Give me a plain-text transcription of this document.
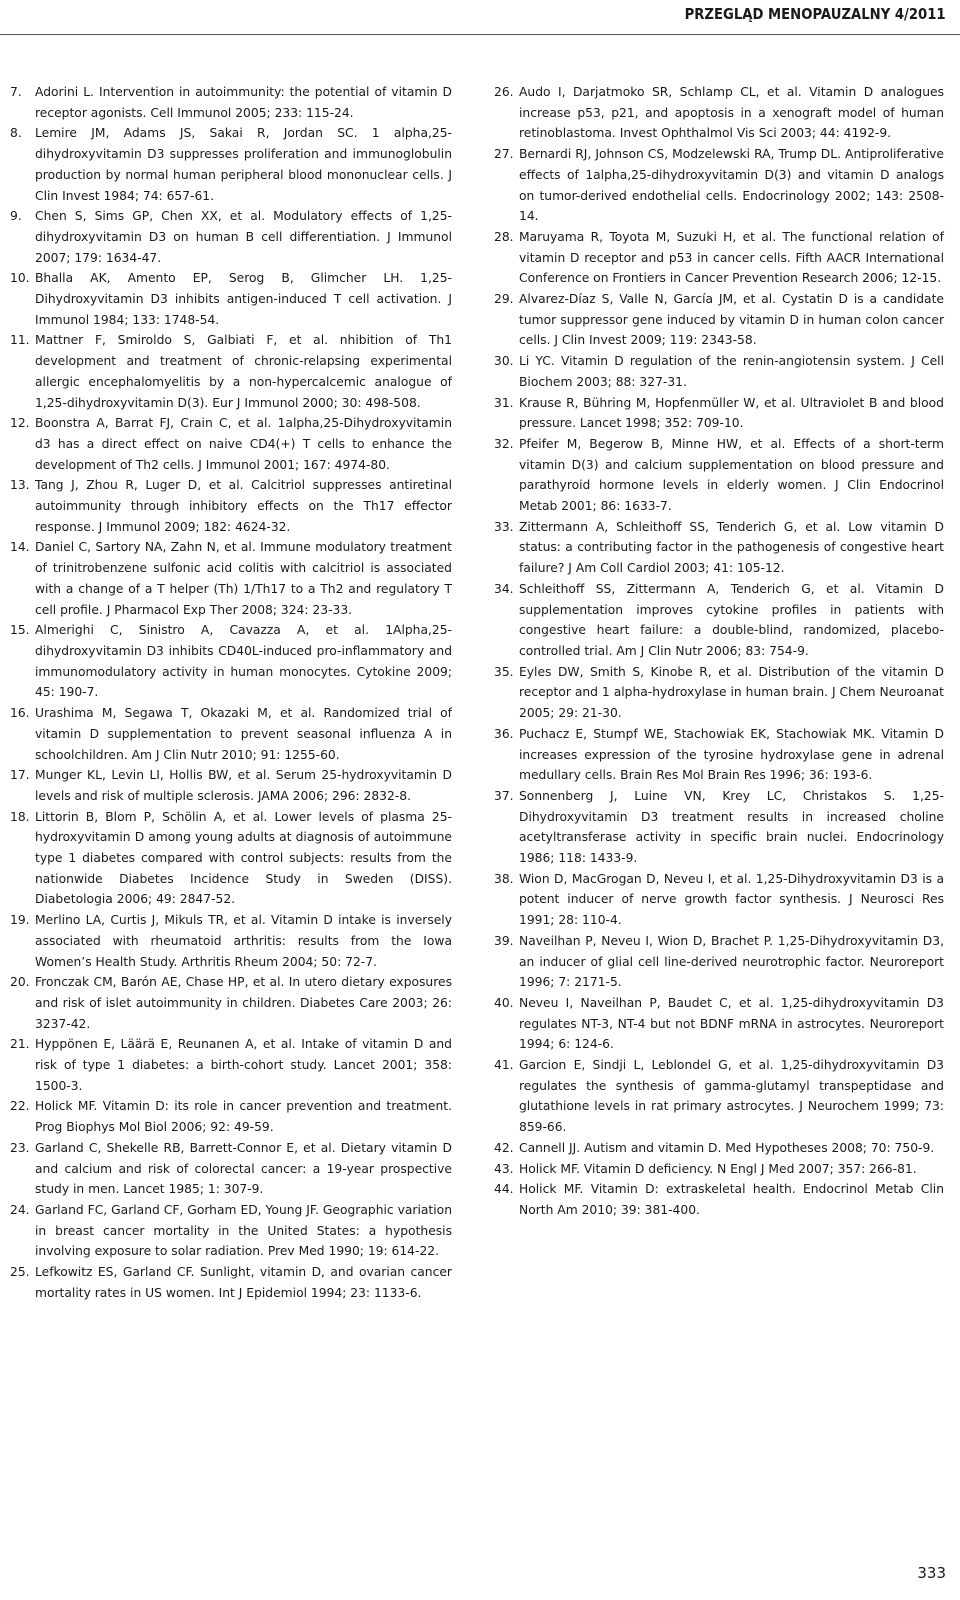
PRZEGLĄD MENOPAUZALNY 4/2011
7.	Adorini L. Intervention in autoimmunity: the potential of vitamin D receptor agonists. Cell Immunol 2005; 233: 115-24.
8.	Lemire JM, Adams JS, Sakai R, Jordan SC. 1 alpha,25-dihydroxyvitamin D3 suppresses proliferation and immunoglobulin production by normal human peripheral blood mononuclear cells. J Clin Invest 1984; 74: 657-61.
9.	Chen S, Sims GP, Chen XX, et al. Modulatory effects of 1,25-dihydroxyvitamin D3 on human B cell differentiation. J Immunol 2007; 179: 1634-47.
10. Bhalla AK, Amento EP, Serog B, Glimcher LH. 1,25-Dihydroxyvitamin D3 inhibits antigen-induced T cell activation. J Immunol 1984; 133: 1748-54.
11. Mattner F, Smiroldo S, Galbiati F, et al. nhibition of Th1 development and treatment of chronic-relapsing experimental allergic encephalomyelitis by a non-hypercalcemic analogue of 1,25-dihydroxyvitamin D(3). Eur J Immunol 2000; 30: 498-508.
12. Boonstra A, Barrat FJ, Crain C, et al. 1alpha,25-Dihydroxyvitamin d3 has a direct effect on naive CD4(+) T cells to enhance the development of Th2 cells. J Immunol 2001; 167: 4974-80.
13. Tang J, Zhou R, Luger D, et al. Calcitriol suppresses antiretinal autoimmunity through inhibitory effects on the Th17 effector response. J Immunol 2009; 182: 4624-32.
14. Daniel C, Sartory NA, Zahn N, et al. Immune modulatory treatment of trinitrobenzene sulfonic acid colitis with calcitriol is associated with a change of a T helper (Th) 1/Th17 to a Th2 and regulatory T cell profile. J Pharmacol Exp Ther 2008; 324: 23-33.
15. Almerighi C, Sinistro A, Cavazza A, et al. 1Alpha,25-dihydroxyvitamin D3 inhibits CD40L-induced pro-inflammatory and immunomodulatory activity in human monocytes. Cytokine 2009; 45: 190-7.
16. Urashima M, Segawa T, Okazaki M, et al. Randomized trial of vitamin D supplementation to prevent seasonal influenza A in schoolchildren. Am J Clin Nutr 2010; 91: 1255-60.
17. Munger KL, Levin LI, Hollis BW, et al. Serum 25-hydroxyvitamin D levels and risk of multiple sclerosis. JAMA 2006; 296: 2832-8.
18. Littorin B, Blom P, Schölin A, et al. Lower levels of plasma 25-hydroxyvitamin D among young adults at diagnosis of autoimmune type 1 diabetes compared with control subjects: results from the nationwide Diabetes Incidence Study in Sweden (DISS). Diabetologia 2006; 49: 2847-52.
19. Merlino LA, Curtis J, Mikuls TR, et al. Vitamin D intake is inversely associated with rheumatoid arthritis: results from the Iowa Women’s Health Study. Arthritis Rheum 2004; 50: 72-7.
20. Fronczak CM, Barón AE, Chase HP, et al. In utero dietary exposures and risk of islet autoimmunity in children. Diabetes Care 2003; 26: 3237-42.
21. Hyppönen E, Läärä E, Reunanen A, et al. Intake of vitamin D and risk of type 1 diabetes: a birth-cohort study. Lancet 2001; 358: 1500-3.
22. Holick MF. Vitamin D: its role in cancer prevention and treatment. Prog Biophys Mol Biol 2006; 92: 49-59.
23. Garland C, Shekelle RB, Barrett-Connor E, et al. Dietary vitamin D and calcium and risk of colorectal cancer: a 19-year prospective study in men. Lancet 1985; 1: 307-9.
24. Garland FC, Garland CF, Gorham ED, Young JF. Geographic variation in breast cancer mortality in the United States: a hypothesis involving exposure to solar radiation. Prev Med 1990; 19: 614-22.
25. Lefkowitz ES, Garland CF. Sunlight, vitamin D, and ovarian cancer mortality rates in US women. Int J Epidemiol 1994; 23: 1133-6.
26. Audo I, Darjatmoko SR, Schlamp CL, et al. Vitamin D analogues increase p53, p21, and apoptosis in a xenograft model of human retinoblastoma. Invest Ophthalmol Vis Sci 2003; 44: 4192-9.
27. Bernardi RJ, Johnson CS, Modzelewski RA, Trump DL. Antiproliferative effects of 1alpha,25-dihydroxyvitamin D(3) and vitamin D analogs on tumor-derived endothelial cells. Endocrinology 2002; 143: 2508-14.
28. Maruyama R, Toyota M, Suzuki H, et al. The functional relation of vitamin D receptor and p53 in cancer cells. Fifth AACR International Conference on Frontiers in Cancer Prevention Research 2006; 12-15.
29. Alvarez-Díaz S, Valle N, García JM, et al. Cystatin D is a candidate tumor suppressor gene induced by vitamin D in human colon cancer cells. J Clin Invest 2009; 119: 2343-58.
30. Li YC. Vitamin D regulation of the renin-angiotensin system. J Cell Biochem 2003; 88: 327-31.
31. Krause R, Bühring M, Hopfenmüller W, et al. Ultraviolet B and blood pressure. Lancet 1998; 352: 709-10.
32. Pfeifer M, Begerow B, Minne HW, et al. Effects of a short-term vitamin D(3) and calcium supplementation on blood pressure and parathyroid hormone levels in elderly women. J Clin Endocrinol Metab 2001; 86: 1633-7.
33. Zittermann A, Schleithoff SS, Tenderich G, et al. Low vitamin D status: a contributing factor in the pathogenesis of congestive heart failure? J Am Coll Cardiol 2003; 41: 105-12.
34. Schleithoff SS, Zittermann A, Tenderich G, et al. Vitamin D supplementation improves cytokine profiles in patients with congestive heart failure: a double-blind, randomized, placebo-controlled trial. Am J Clin Nutr 2006; 83: 754-9.
35. Eyles DW, Smith S, Kinobe R, et al. Distribution of the vitamin D receptor and 1 alpha-hydroxylase in human brain. J Chem Neuroanat 2005; 29: 21-30.
36. Puchacz E, Stumpf WE, Stachowiak EK, Stachowiak MK. Vitamin D increases expression of the tyrosine hydroxylase gene in adrenal medullary cells. Brain Res Mol Brain Res 1996; 36: 193-6.
37. Sonnenberg J, Luine VN, Krey LC, Christakos S. 1,25-Dihydroxyvitamin D3 treatment results in increased choline acetyltransferase activity in specific brain nuclei. Endocrinology 1986; 118: 1433-9.
38. Wion D, MacGrogan D, Neveu I, et al. 1,25-Dihydroxyvitamin D3 is a potent inducer of nerve growth factor synthesis. J Neurosci Res 1991; 28: 110-4.
39. Naveilhan P, Neveu I, Wion D, Brachet P. 1,25-Dihydroxyvitamin D3, an inducer of glial cell line-derived neurotrophic factor. Neuroreport 1996; 7: 2171-5.
40. Neveu I, Naveilhan P, Baudet C, et al. 1,25-dihydroxyvitamin D3 regulates NT-3, NT-4 but not BDNF mRNA in astrocytes. Neuroreport 1994; 6: 124-6.
41. Garcion E, Sindji L, Leblondel G, et al. 1,25-dihydroxyvitamin D3 regulates the synthesis of gamma-glutamyl transpeptidase and glutathione levels in rat primary astrocytes. J Neurochem 1999; 73: 859-66.
42. Cannell JJ. Autism and vitamin D. Med Hypotheses 2008; 70: 750-9.
43. Holick MF. Vitamin D deficiency. N Engl J Med 2007; 357: 266-81.
44. Holick MF. Vitamin D: extraskeletal health. Endocrinol Metab Clin North Am 2010; 39: 381-400.
333
